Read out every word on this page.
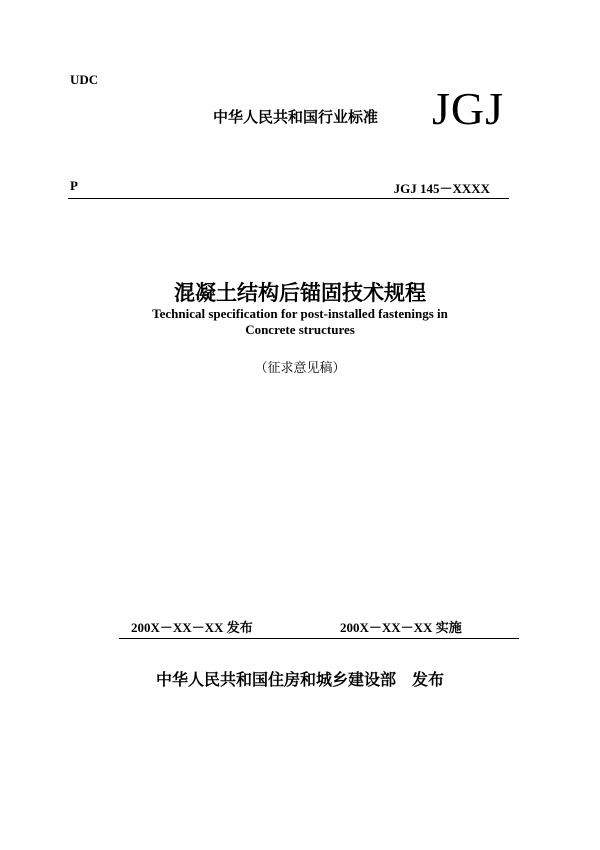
UDC
中华人民共和国行业标准 JGJ
P	JGJ 145－XXXX
混凝土结构后锚固技术规程
Technical specification for post-installed fastenings in
Concrete structures
（征求意见稿）
200X－XX－XX 发布	200X－XX－XX 实施
中华人民共和国住房和城乡建设部　发布
